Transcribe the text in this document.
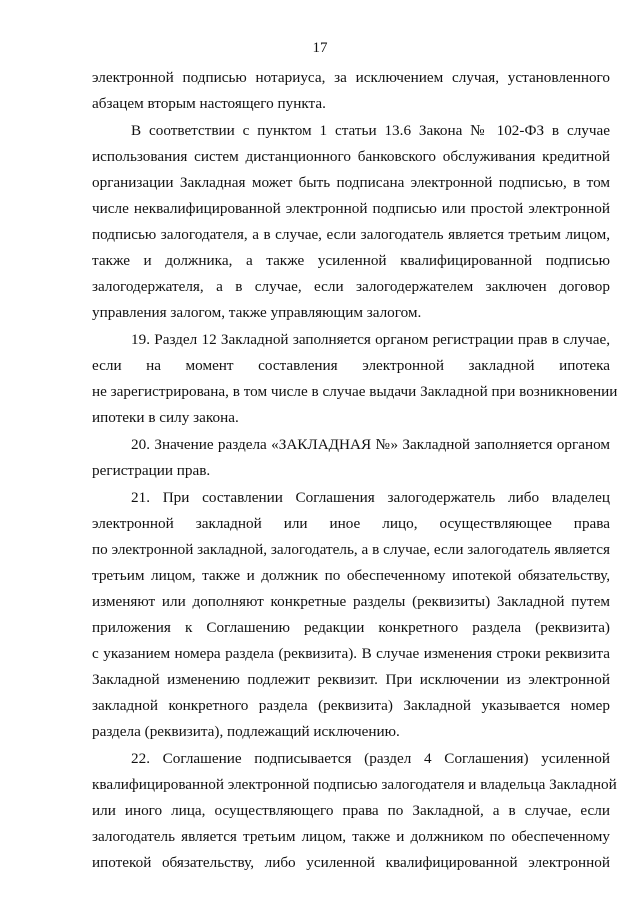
17
электронной подписью нотариуса, за исключением случая, установленного
абзацем вторым настоящего пункта.
В соответствии с пунктом 1 статьи 13.6 Закона № 102-ФЗ в случае
использования систем дистанционного банковского обслуживания кредитной
организации Закладная может быть подписана электронной подписью, в том
числе неквалифицированной электронной подписью или простой электронной
подписью залогодателя, а в случае, если залогодатель является третьим лицом,
также и должника, а также усиленной квалифицированной подписью
залогодержателя, а в случае, если залогодержателем заключен договор
управления залогом, также управляющим залогом.
19. Раздел 12 Закладной заполняется органом регистрации прав в случае,
если на момент составления электронной закладной ипотека
не зарегистрирована, в том числе в случае выдачи Закладной при возникновении
ипотеки в силу закона.
20. Значение раздела «ЗАКЛАДНАЯ №» Закладной заполняется органом
регистрации прав.
21. При составлении Соглашения залогодержатель либо владелец
электронной закладной или иное лицо, осуществляющее права
по электронной закладной, залогодатель, а в случае, если залогодатель является
третьим лицом, также и должник по обеспеченному ипотекой обязательству,
изменяют или дополняют конкретные разделы (реквизиты) Закладной путем
приложения к Соглашению редакции конкретного раздела (реквизита)
с указанием номера раздела (реквизита). В случае изменения строки реквизита
Закладной изменению подлежит реквизит. При исключении из электронной
закладной конкретного раздела (реквизита) Закладной указывается номер
раздела (реквизита), подлежащий исключению.
22. Соглашение подписывается (раздел 4 Соглашения) усиленной
квалифицированной электронной подписью залогодателя и владельца Закладной
или иного лица, осуществляющего права по Закладной, а в случае, если
залогодатель является третьим лицом, также и должником по обеспеченному
ипотекой обязательству, либо усиленной квалифицированной электронной
